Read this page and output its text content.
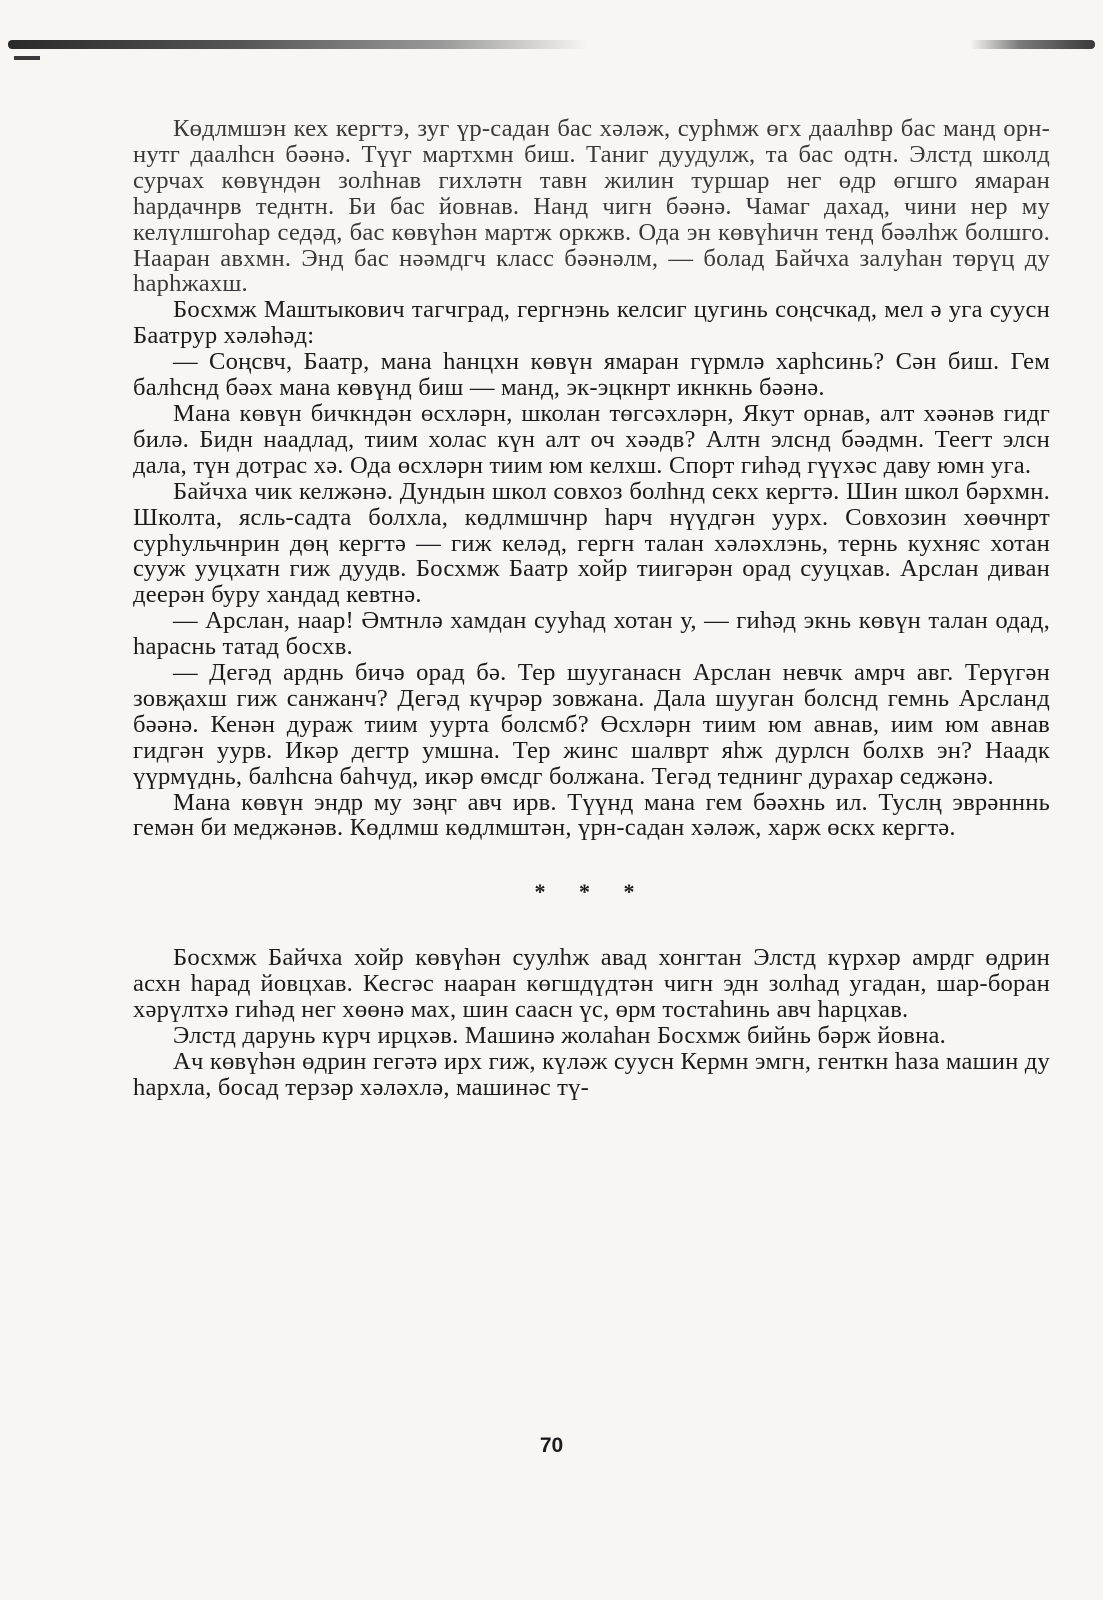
Көдлмшэн кех кергтэ, зуг үр-садан бас хәләж, сурһмж өгх даалһвр бас манд орн-нутг даалһсн бәәнә. Түүг мартхмн биш. Таниг дуудулж, та бас одтн. Элстд школд сурчах көвүндән золһнав гихләтн тавн жилин туршар нег өдр өгшго ямаран һардачнрв теднтн. Би бас йовнав. Нанд чигн бәәнә. Чамаг дахад, чини нер му келүлшгоһар седәд, бас көвүһән мартж оркжв. Ода эн көвүһичн тенд бәәлһж болшго. Нааран авхмн. Энд бас нәәмдгч класс бәәнәлм, — болад Байчха залуһан төрүц ду һарһжахш.

Босхмж Маштыкович тагчград, гергнэнь келсиг цугинь соңсчкад, мел ә уга суусн Баатрур хәләһәд:

— Соңсвч, Баатр, мана һанцхн көвүн ямаран гүрмлә харһсинь? Сән биш. Гем балһснд бәәх мана көвүнд биш — манд, эк-эцкнрт икнкнь бәәнә.

Мана көвүн бичкндән өсхләрн, школан төгсәхләрн, Якут орнав, алт хәәнәв гидг билә. Бидн наадлад, тиим холас күн алт оч хәәдв? Алтн элснд бәәдмн. Теегт элсн дала, түн дотрас хә. Ода өсхләрн тиим юм келхш. Спорт гиһәд гүүхәс даву юмн уга.

Байчха чик келжәнә. Дундын школ совхоз болһнд секх кергтә. Шин школ бәрхмн. Школта, ясль-садта болхла, көдлмшчнр һарч нүүдгән уурх. Совхозин хөөчнрт сурһульчнрин дөң кергтә — гиж келәд, гергн талан хәләхлэнь, тернь кухняс хотан сууж ууцхатн гиж дуудв. Босхмж Баатр хойр тиигәрән орад сууцхав. Арслан диван деерән буру хандад кевтнә.

— Арслан, наар! Әмтнлә хамдан сууһад хотан у, — гиһәд экнь көвүн талан одад, һараснь татад босхв.

— Дегәд арднь бичә орад бә. Тер шууганасн Арслан невчк амрч авг. Терүгән зовҗахш гиж санжанч? Дегәд күчрәр зовжана. Дала шууган болснд гемнь Арсланд бәәнә. Кенән дураж тиим уурта болсмб? Өсхләрн тиим юм авнав, иим юм авнав гидгән уурв. Икәр дегтр умшна. Тер жинс шалврт яһж дурлсн болхв эн? Наадк үүрмүднь, балһсна баһчуд, икәр өмсдг болжана. Тегәд теднинг дурахар седжәнә.

Мана көвүн эндр му зәңг авч ирв. Түүнд мана гем бәәхнь ил. Туслң эврәнннь гемән би меджәнәв. Көдлмш көдлмштән, үрн-садан хәләж, харж өскх кергтә.

* * *

Босхмж Байчха хойр көвүһән суулһж авад хонгтан Элстд күрхәр амрдг өдрин асхн һарад йовцхав. Кесгәс нааран көгшдүдтән чигн эдн золһад угадан, шар-боран хәрүлтхә гиһәд нег хөөнә мах, шин саасн үс, өрм тостаһинь авч һарцхав.

Элстд дарунь күрч ирцхәв. Машинә жолаһан Босхмж бийнь бәрж йовна.

Ач көвүһән өдрин гегәтә ирх гиж, күләж суусн Кермн эмгн, генткн һаза машин ду һархла, босад терзәр хәләхлә, машинәс тү-

70
